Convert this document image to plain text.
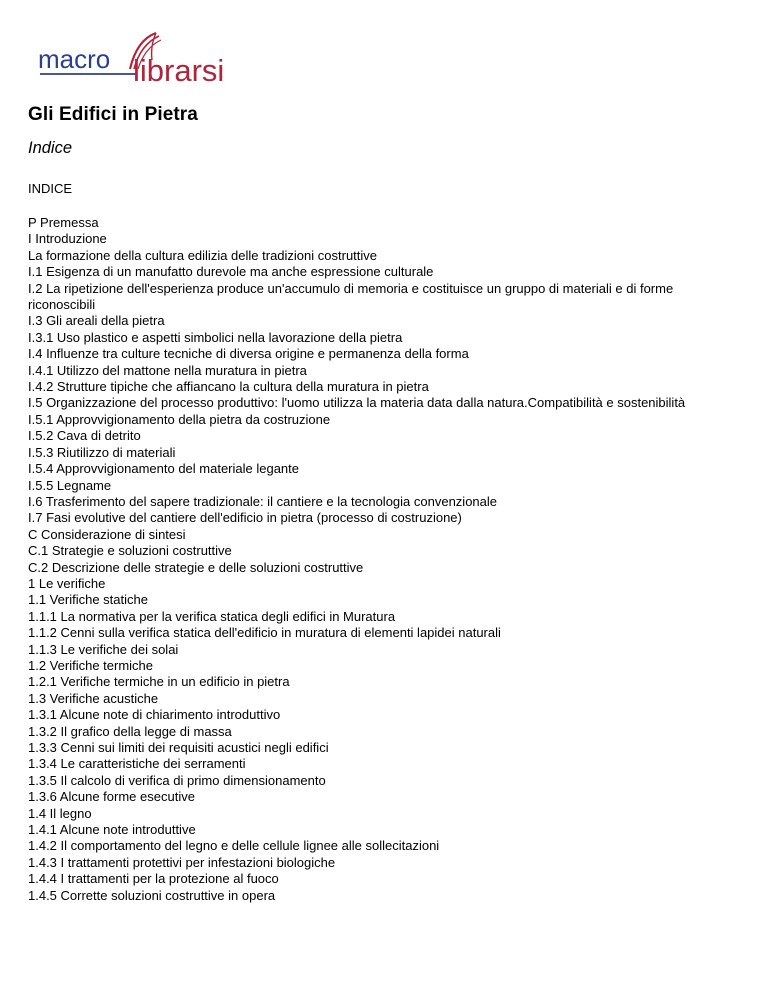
macro librarsi
Gli Edifici in Pietra
Indice
INDICE
P Premessa
I Introduzione
La formazione della cultura edilizia delle tradizioni costruttive
I.1 Esigenza di un manufatto durevole ma anche espressione culturale
I.2 La ripetizione dell'esperienza produce un'accumulo di memoria e costituisce un gruppo di materiali e di forme riconoscibili
I.3 Gli areali della pietra
I.3.1 Uso plastico e aspetti simbolici nella lavorazione della pietra
I.4 Influenze tra culture tecniche di diversa origine e permanenza della forma
I.4.1 Utilizzo del mattone nella muratura in pietra
I.4.2 Strutture tipiche che affiancano la cultura della muratura in pietra
I.5 Organizzazione del processo produttivo: l'uomo utilizza la materia data dalla natura.Compatibilità e sostenibilità
I.5.1 Approvvigionamento della pietra da costruzione
I.5.2 Cava di detrito
I.5.3 Riutilizzo di materiali
I.5.4 Approvvigionamento del materiale legante
I.5.5 Legname
I.6 Trasferimento del sapere tradizionale: il cantiere e la tecnologia convenzionale
I.7 Fasi evolutive del cantiere dell'edificio in pietra (processo di costruzione)
C Considerazione di sintesi
C.1 Strategie e soluzioni costruttive
C.2 Descrizione delle strategie e delle soluzioni costruttive
1 Le verifiche
1.1 Verifiche statiche
1.1.1 La normativa per la verifica statica degli edifici in Muratura
1.1.2 Cenni sulla verifica statica dell'edificio in muratura di elementi lapidei naturali
1.1.3 Le verifiche dei solai
1.2 Verifiche termiche
1.2.1 Verifiche termiche in un edificio in pietra
1.3 Verifiche acustiche
1.3.1 Alcune note di chiarimento introduttivo
1.3.2 Il grafico della legge di massa
1.3.3 Cenni sui limiti dei requisiti acustici negli edifici
1.3.4 Le caratteristiche dei serramenti
1.3.5 Il calcolo di verifica di primo dimensionamento
1.3.6 Alcune forme esecutive
1.4 Il legno
1.4.1 Alcune note introduttive
1.4.2 Il comportamento del legno e delle cellule lignee alle sollecitazioni
1.4.3 I trattamenti protettivi per infestazioni biologiche
1.4.4 I trattamenti per la protezione al fuoco
1.4.5 Corrette soluzioni costruttive in opera
